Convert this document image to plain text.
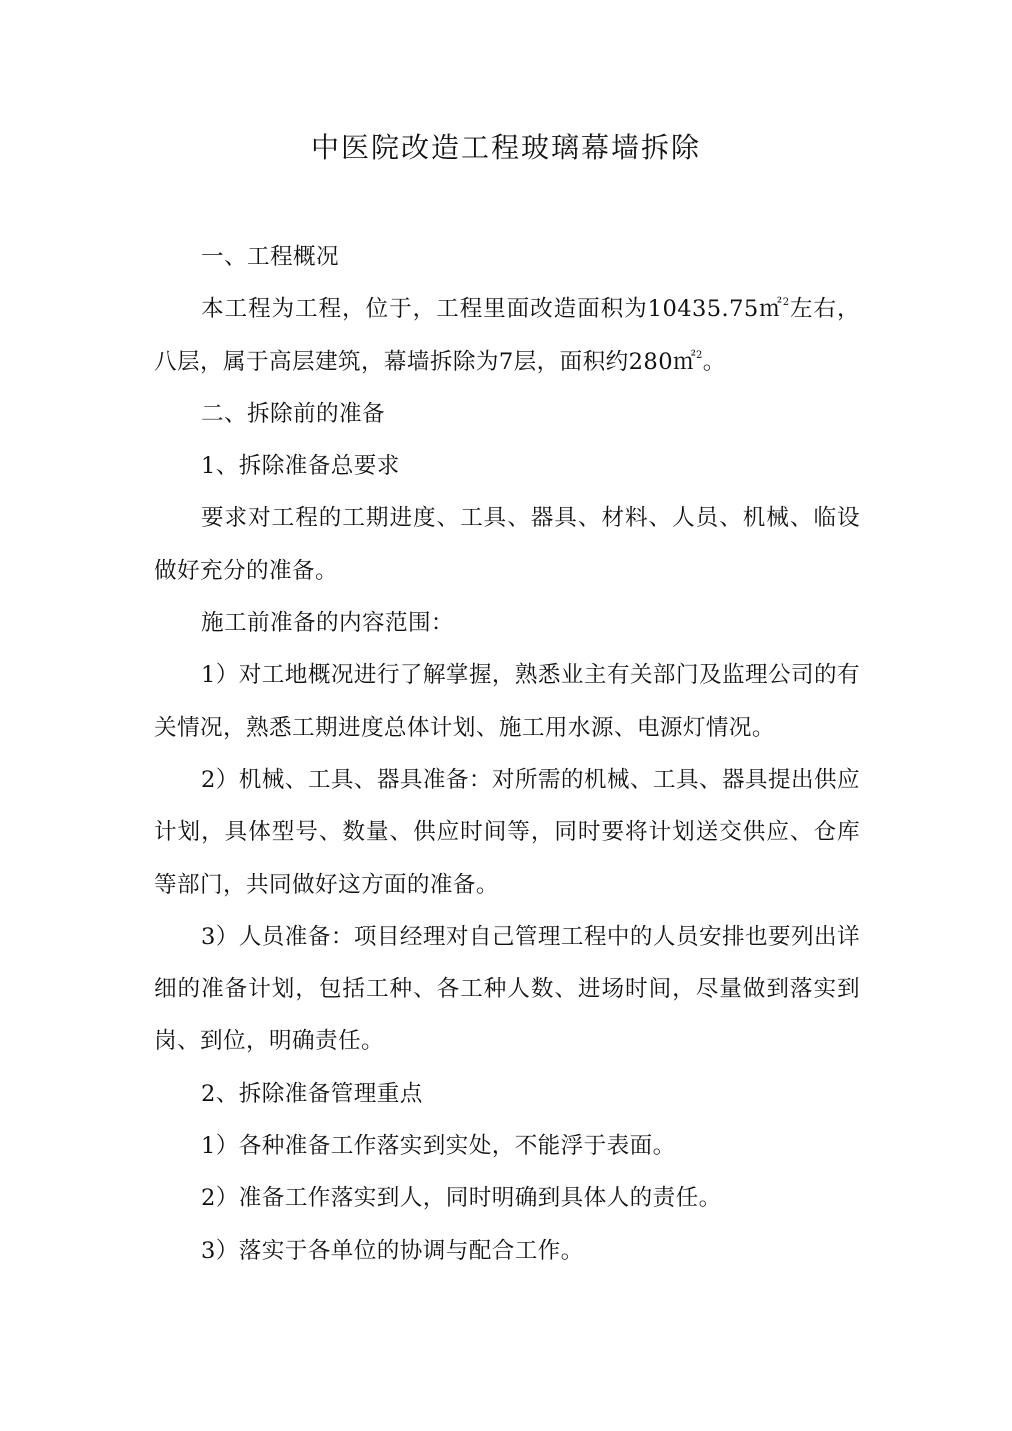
中医院改造工程玻璃幕墙拆除

一、工程概况

本工程为工程，位于，工程里面改造面积为10435.75㎡$^2$左右，八层，属于高层建筑，幕墙拆除为7层，面积约280㎡$^2$。

二、拆除前的准备

1、拆除准备总要求

要求对工程的工期进度、工具、器具、材料、人员、机械、临设做好充分的准备。

施工前准备的内容范围：

1）对工地概况进行了解掌握，熟悉业主有关部门及监理公司的有关情况，熟悉工期进度总体计划、施工用水源、电源灯情况。

2）机械、工具、器具准备：对所需的机械、工具、器具提出供应计划，具体型号、数量、供应时间等，同时要将计划送交供应、仓库等部门，共同做好这方面的准备。

3）人员准备：项目经理对自己管理工程中的人员安排也要列出详细的准备计划，包括工种、各工种人数、进场时间，尽量做到落实到岗、到位，明确责任。

2、拆除准备管理重点

1）各种准备工作落实到实处，不能浮于表面。

2）准备工作落实到人，同时明确到具体人的责任。

3）落实于各单位的协调与配合工作。
